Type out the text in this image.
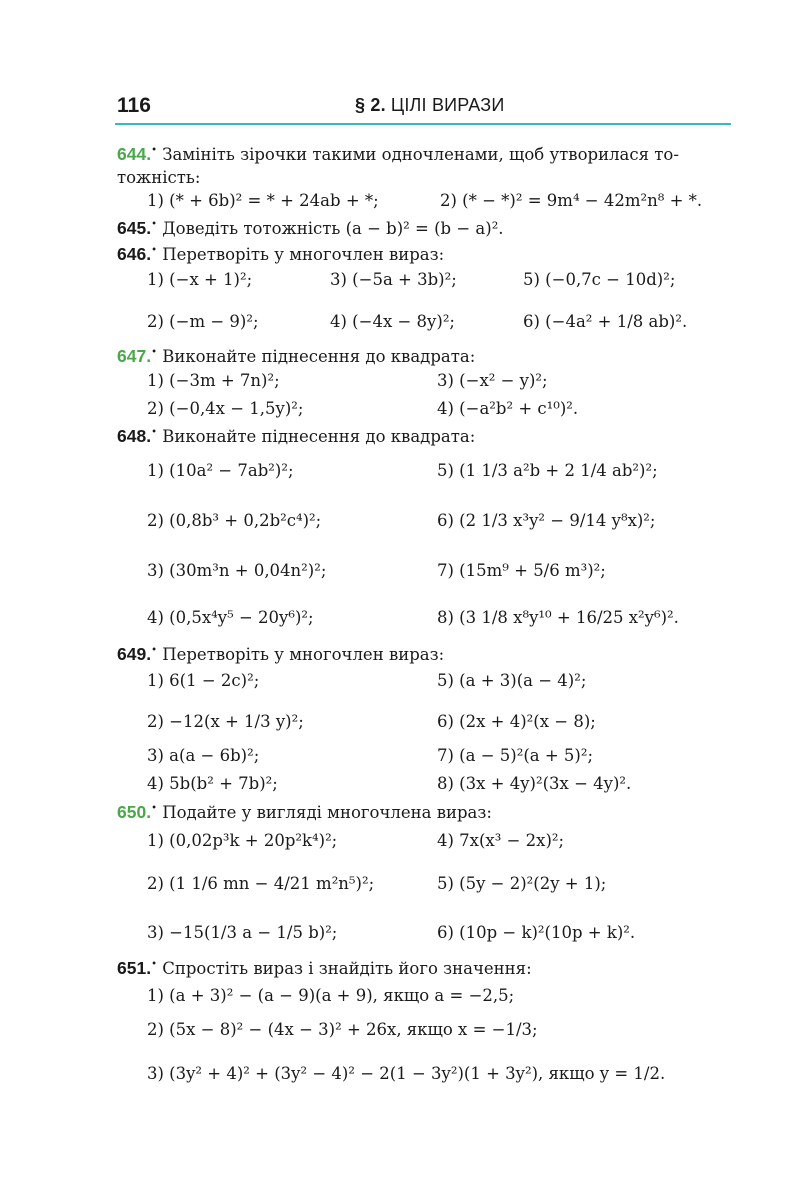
116	§ 2. ЦІЛІ ВИРАЗИ
644.• Замініть зірочки такими одночленами, щоб утворилася то-
тожність:
1) (* + 6b)² = * + 24ab + *;	2) (* − *)² = 9m⁴ − 42m²n⁸ + *.
645.• Доведіть тотожність (a − b)² = (b − a)².
646.• Перетворіть у многочлен вираз:
1) (−x + 1)²;	3) (−5a + 3b)²;	5) (−0,7c − 10d)²;
2) (−m − 9)²;	4) (−4x − 8y)²;	6) (−4a² + 1/8 ab)².
647.• Виконайте піднесення до квадрата:
1) (−3m + 7n)²;	3) (−x² − y)²;
2) (−0,4x − 1,5y)²;	4) (−a²b² + c¹⁰)².
648.• Виконайте піднесення до квадрата:
1) (10a² − 7ab²)²;	5) (1 1/3 a²b + 2 1/4 ab²)²;
2) (0,8b³ + 0,2b²c⁴)²;	6) (2 1/3 x³y² − 9/14 y⁸x)²;
3) (30m³n + 0,04n²)²;	7) (15m⁹ + 5/6 m³)²;
4) (0,5x⁴y⁵ − 20y⁶)²;	8) (3 1/8 x⁸y¹⁰ + 16/25 x²y⁶)².
649.• Перетворіть у многочлен вираз:
1) 6(1 − 2c)²;	5) (a + 3)(a − 4)²;
2) −12(x + 1/3 y)²;	6) (2x + 4)²(x − 8);
3) a(a − 6b)²;	7) (a − 5)²(a + 5)²;
4) 5b(b² + 7b)²;	8) (3x + 4y)²(3x − 4y)².
650.• Подайте у вигляді многочлена вираз:
1) (0,02p³k + 20p²k⁴)²;	4) 7x(x³ − 2x)²;
2) (1 1/6 mn − 4/21 m²n⁵)²;	5) (5y − 2)²(2y + 1);
3) −15(1/3 a − 1/5 b)²;	6) (10p − k)²(10p + k)².
651.• Спростіть вираз і знайдіть його значення:
1) (a + 3)² − (a − 9)(a + 9), якщо a = −2,5;
2) (5x − 8)² − (4x − 3)² + 26x, якщо x = −1/3;
3) (3y² + 4)² + (3y² − 4)² − 2(1 − 3y²)(1 + 3y²), якщо y = 1/2.
